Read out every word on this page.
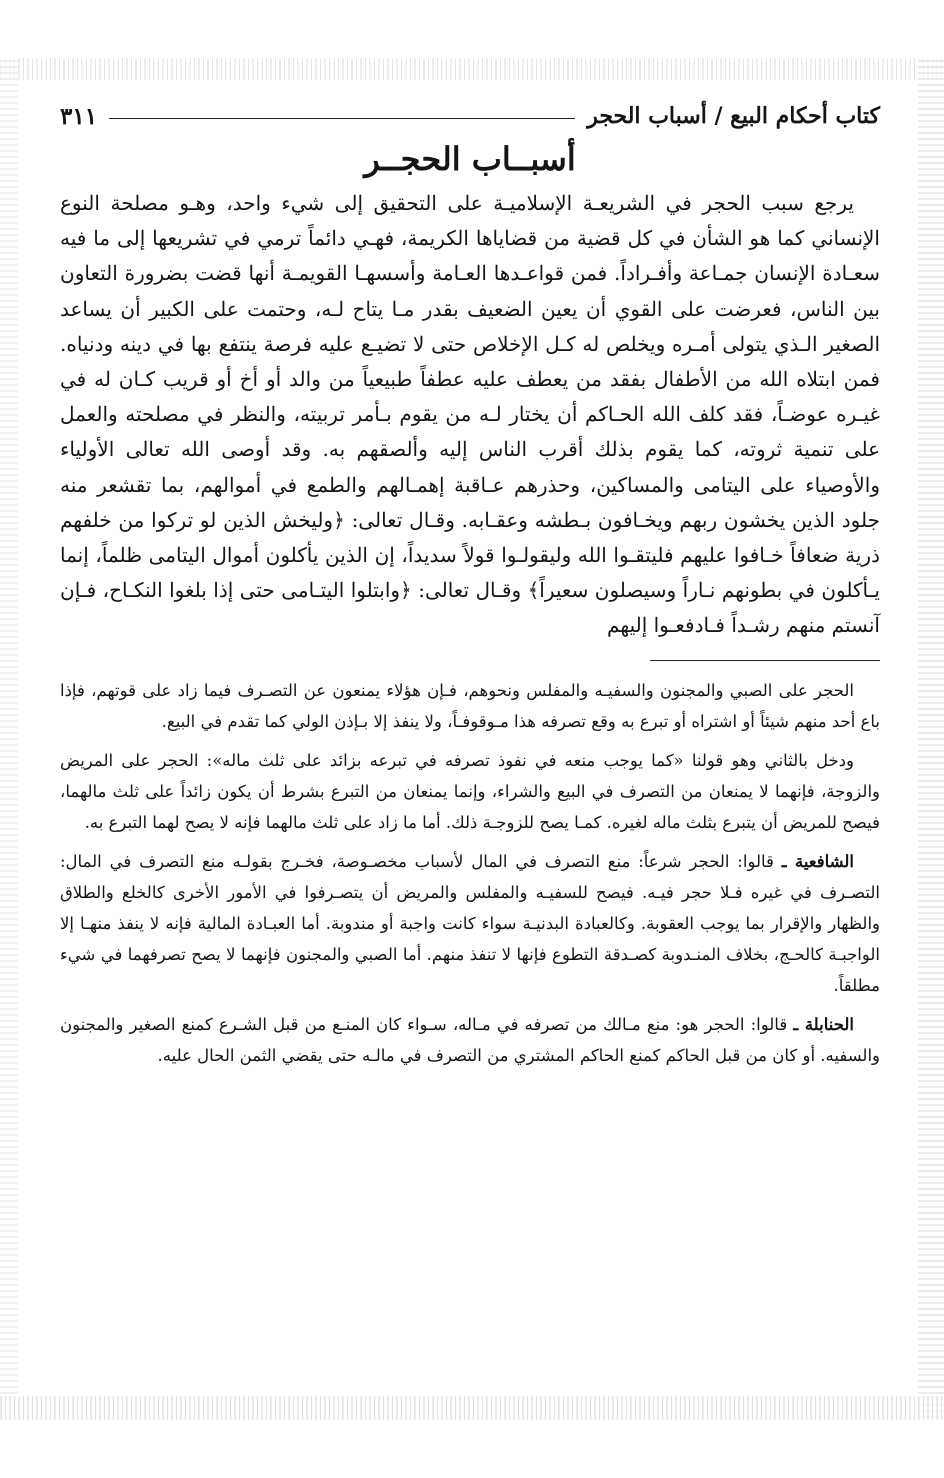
كتاب أحكام البيع / أسباب الحجر
٣١١
أسبــاب الحجــر

يرجع سبب الحجر في الشريعـة الإسلاميـة على التحقيق إلى شيء واحد، وهـو مصلحة النوع الإنساني كما هو الشأن في كل قضية من قضاياها الكريمة، فهـي دائماً ترمي في تشريعها إلى ما فيه سعـادة الإنسان جمـاعة وأفـراداً. فمن قواعـدها العـامة وأسسهـا القويمـة أنها قضت بضرورة التعاون بين الناس، فعرضت على القوي أن يعين الضعيف بقدر مـا يتاح لـه، وحتمت على الكبير أن يساعد الصغير الـذي يتولى أمـره ويخلص له كـل الإخلاص حتى لا تضيـع عليه فرصة ينتفع بها في دينه ودنياه. فمن ابتلاه الله من الأطفال بفقد من يعطف عليه عطفاً طبيعياً من والد أو أخ أو قريب كـان له في غيـره عوضـاً، فقد كلف الله الحـاكم أن يختار لـه من يقوم بـأمر تربيته، والنظر في مصلحته والعمل على تنمية ثروته، كما يقوم بذلك أقرب الناس إليه وألصقهم به. وقد أوصى الله تعالى الأولياء والأوصياء على اليتامى والمساكين، وحذرهم عـاقبة إهمـالهم والطمع في أموالهم، بما تقشعر منه جلود الذين يخشون ربهم ويخـافون بـطشه وعقـابه. وقـال تعالى: ﴿وليخش الذين لو تركوا من خلفهم ذرية ضعافاً خـافوا عليهم فليتقـوا الله وليقولـوا قولاً سديداً، إن الذين يأكلون أموال اليتامى ظلماً، إنما يـأكلون في بطونهم نـاراً وسيصلون سعيراً﴾ وقـال تعالى: ﴿وابتلوا اليتـامى حتى إذا بلغوا النكـاح، فـإن آنستم منهم رشـداً فـادفعـوا إليهم

الحجر على الصبي والمجنون والسفيـه والمفلس ونحوهم، فـإن هؤلاء يمنعون عن التصـرف فيما زاد على قوتهم، فإذا باع أحد منهم شيئاً أو اشتراه أو تبرع به وقع تصرفه هذا مـوقوفـاً، ولا ينفذ إلا بـإذن الولي كما تقدم في البيع.

ودخل بالثاني وهو قولنا «كما يوجب منعه في نفوذ تصرفه في تبرعه بزائد على ثلث ماله»: الحجر على المريض والزوجة، فإنهما لا يمنعان من التصرف في البيع والشراء، وإنما يمنعان من التبرع بشرط أن يكون زائداً على ثلث مالهما، فيصح للمريض أن يتبرع بثلث ماله لغيره. كمـا يصح للزوجـة ذلك. أما ما زاد على ثلث مالهما فإنه لا يصح لهما التبرع به.

الشافعية ـ قالوا: الحجر شرعاً: منع التصرف في المال لأسباب مخصـوصة، فخـرج بقولـه منع التصرف في المال: التصـرف في غيره فـلا حجر فيـه. فيصح للسفيـه والمفلس والمريض أن يتصـرفوا في الأمور الأخرى كالخلع والطلاق والظهار والإقرار بما يوجب العقوبة. وكالعبادة البدنيـة سواء كانت واجبة أو مندوبة. أما العبـادة المالية فإنه لا ينفذ منهـا إلا الواجبـة كالحـج، بخلاف المنـدوبة كصـدقة التطوع فإنها لا تنفذ منهم. أما الصبي والمجنون فإنهما لا يصح تصرفهما في شيء مطلقاً.

الحنابلة ـ قالوا: الحجر هو: منع مـالك من تصرفه في مـاله، سـواء كان المنـع من قبل الشـرع كمنع الصغير والمجنون والسفيه. أو كان من قبل الحاكم كمنع الحاكم المشتري من التصرف في مالـه حتى يقضي الثمن الحال عليه.
